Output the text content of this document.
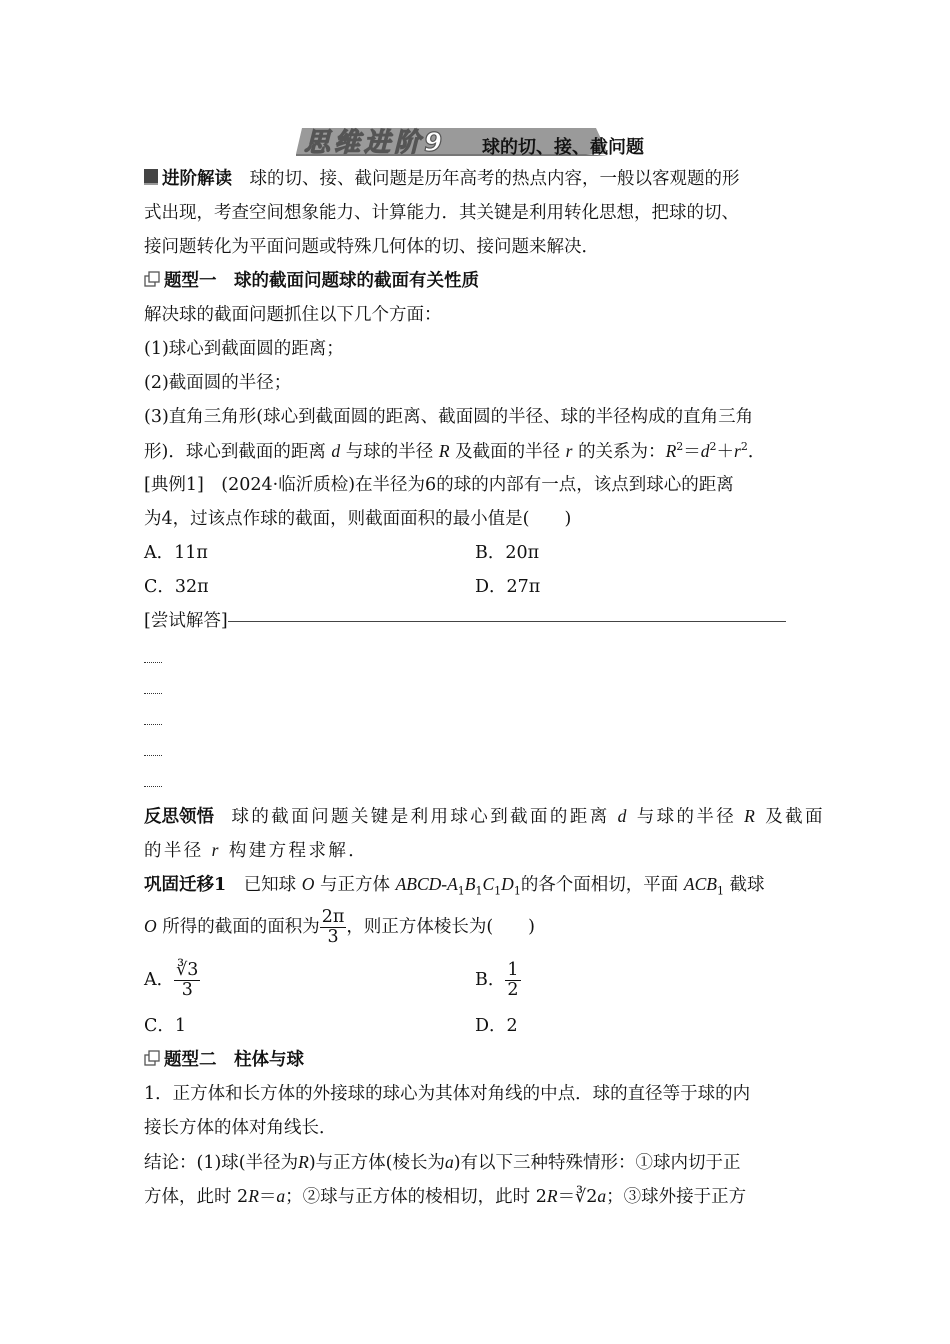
思维进阶9 球的切、接、截问题
进阶解读　 球的切、接、截问题是历年高考的热点内容，一般以客观题的形
式出现，考查空间想象能力、计算能力．其关键是利用转化思想，把球的切、
接问题转化为平面问题或特殊几何体的切、接问题来解决．
题型一　球的截面问题球的截面有关性质
解决球的截面问题抓住以下几个方面：
(1)球心到截面圆的距离；
(2)截面圆的半径；
(3)直角三角形(球心到截面圆的距离、截面圆的半径、球的半径构成的直角三角
形)．球心到截面的距离 d 与球的半径 R 及截面的半径 r 的关系为：$R^2=d^2+r^2$．
[典例1]　 (2024·临沂质检)在半径为6的球的内部有一点，该点到球心的距离
为4，过该点作球的截面，则截面面积的最小值是(　　)
A．11π	B．20π
C．32π	D．27π
[尝试解答]
反思领悟　 球的截面问题关键是利用球心到截面的距离 d 与球的半径 R 及截面
的半径 r 构建方程求解．
巩固迁移1　 已知球 O 与正方体 ABCD-$A_1B_1C_1D_1$的各个面相切，平面 $ACB_1$ 截球
O 所得的截面的面积为 $\frac{2\pi}{3}$ ，则正方体棱长为(　　)
A． $\frac{∛3}{3}$	B． $\frac{1}{2}$
C．1	D．2
题型二　柱体与球
1．正方体和长方体的外接球的球心为其体对角线的中点．球的直径等于球的内
接长方体的体对角线长．
结论：(1)球(半径为R)与正方体(棱长为a)有以下三种特殊情形：①球内切于正
方体，此时 2R＝a；②球与正方体的棱相切，此时 2R＝∛2a；③球外接于正方
